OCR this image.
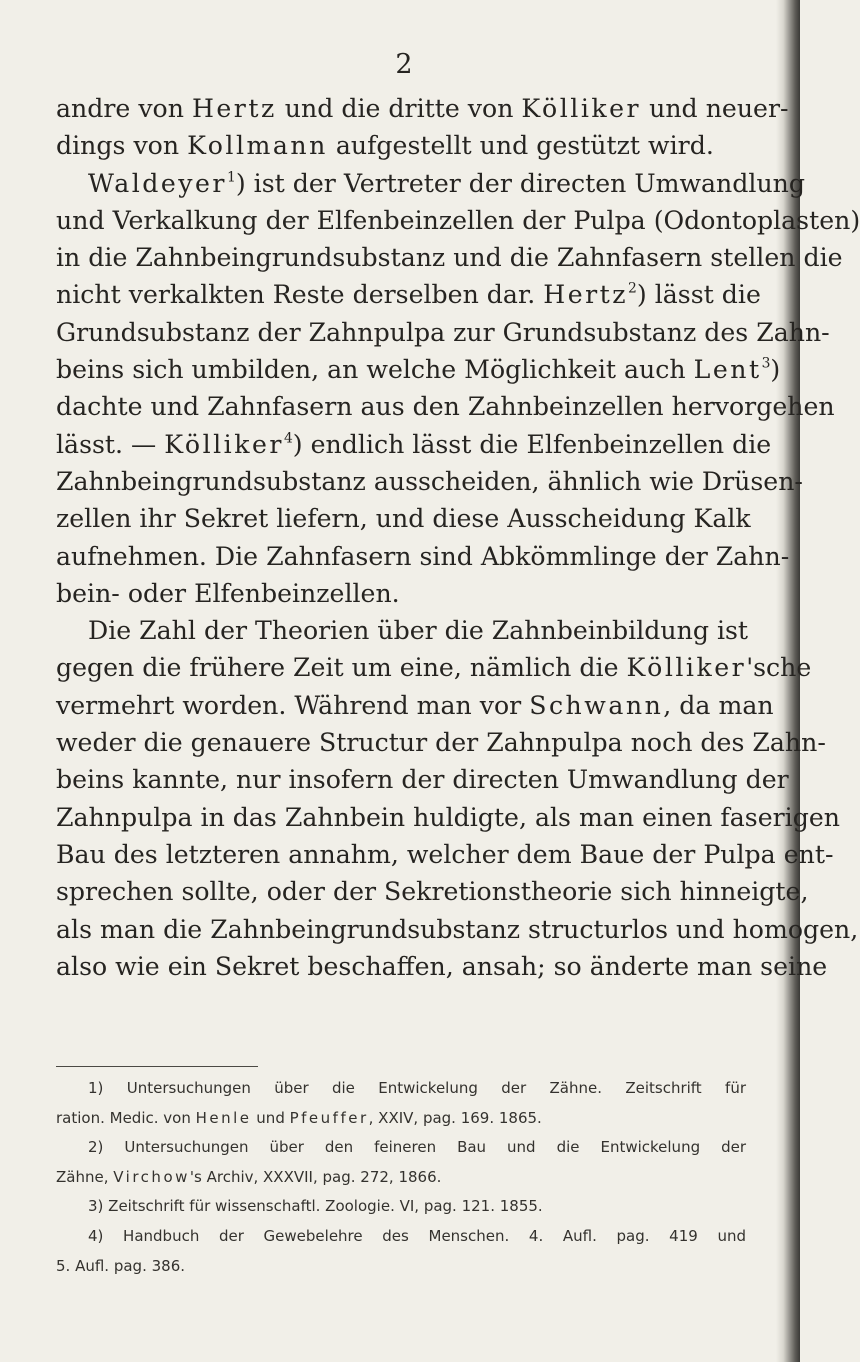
2
andre von Hertz und die dritte von Kölliker und neuer-
dings von Kollmann aufgestellt und gestützt wird.
Waldeyer$^1$) ist der Vertreter der directen Umwandlung
und Verkalkung der Elfenbeinzellen der Pulpa (Odontoplasten)
in die Zahnbeingrundsubstanz und die Zahnfasern stellen die
nicht verkalkten Reste derselben dar. Hertz$^2$) lässt die
Grundsubstanz der Zahnpulpa zur Grundsubstanz des Zahn-
beins sich umbilden, an welche Möglichkeit auch Lent$^3$)
dachte und Zahnfasern aus den Zahnbeinzellen hervorgehen
lässt. — Kölliker$^4$) endlich lässt die Elfenbeinzellen die
Zahnbeingrundsubstanz ausscheiden, ähnlich wie Drüsen-
zellen ihr Sekret liefern, und diese Ausscheidung Kalk
aufnehmen. Die Zahnfasern sind Abkömmlinge der Zahn-
bein- oder Elfenbeinzellen.
Die Zahl der Theorien über die Zahnbeinbildung ist
gegen die frühere Zeit um eine, nämlich die Kölliker'sche
vermehrt worden. Während man vor Schwann, da man
weder die genauere Structur der Zahnpulpa noch des Zahn-
beins kannte, nur insofern der directen Umwandlung der
Zahnpulpa in das Zahnbein huldigte, als man einen faserigen
Bau des letzteren annahm, welcher dem Baue der Pulpa ent-
sprechen sollte, oder der Sekretionstheorie sich hinneigte,
als man die Zahnbeingrundsubstanz structurlos und homogen,
also wie ein Sekret beschaffen, ansah; so änderte man seine
1) Untersuchungen über die Entwickelung der Zähne. Zeitschrift für
ration. Medic. von Henle und Pfeuffer, XXIV, pag. 169. 1865.
2) Untersuchungen über den feineren Bau und die Entwickelung der
Zähne, Virchow's Archiv, XXXVII, pag. 272, 1866.
3) Zeitschrift für wissenschaftl. Zoologie. VI, pag. 121. 1855.
4) Handbuch der Gewebelehre des Menschen. 4. Aufl. pag. 419 und
5. Aufl. pag. 386.
